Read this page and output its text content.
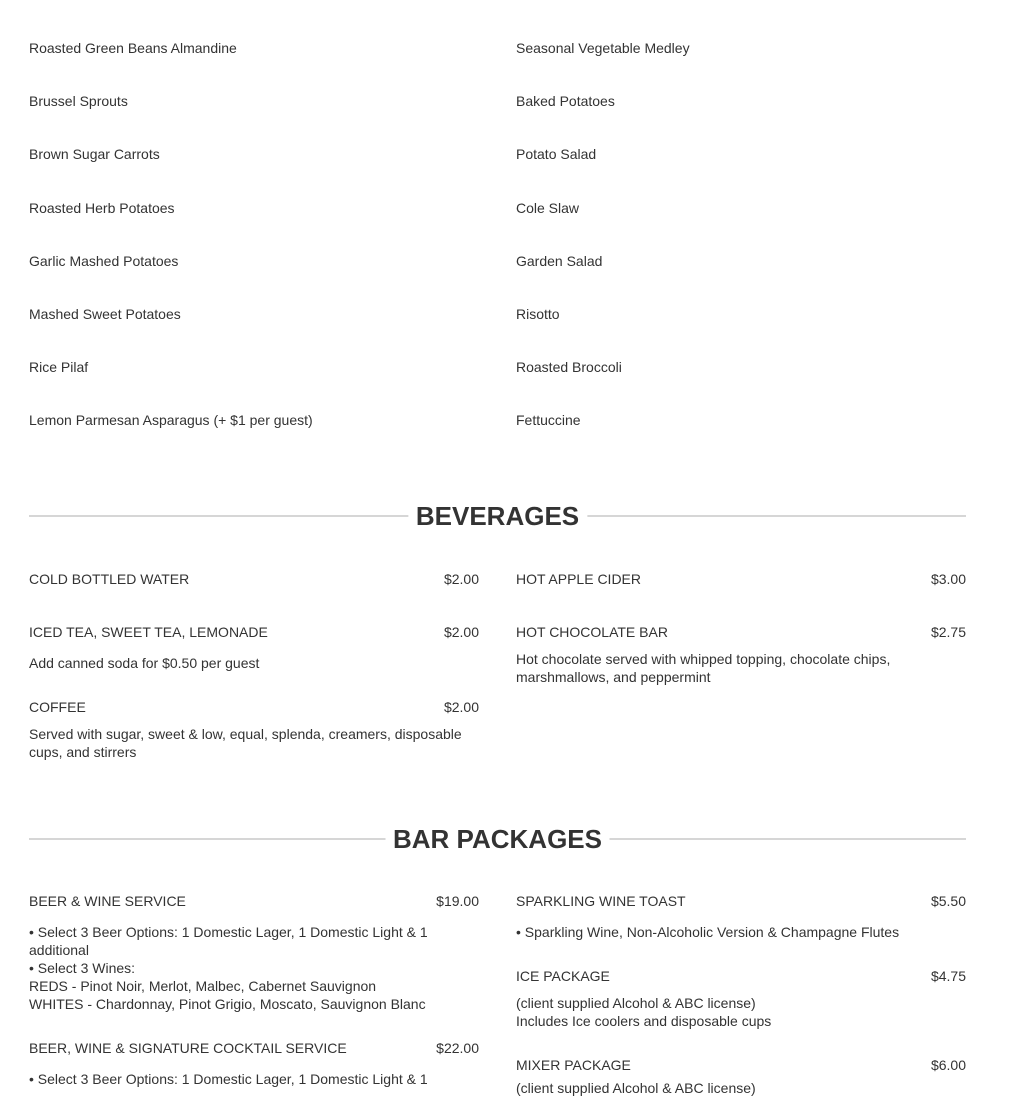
Roasted Green Beans Almandine
Brussel Sprouts
Brown Sugar Carrots
Roasted Herb Potatoes
Garlic Mashed Potatoes
Mashed Sweet Potatoes
Rice Pilaf
Lemon Parmesan Asparagus (+ $1 per guest)
Seasonal Vegetable Medley
Baked Potatoes
Potato Salad
Cole Slaw
Garden Salad
Risotto
Roasted Broccoli
Fettuccine
BEVERAGES
COLD BOTTLED WATER	$2.00
ICED TEA, SWEET TEA, LEMONADE	$2.00
Add canned soda for $0.50 per guest
COFFEE	$2.00
Served with sugar, sweet & low, equal, splenda, creamers, disposable cups, and stirrers
HOT APPLE CIDER	$3.00
HOT CHOCOLATE BAR	$2.75
Hot chocolate served with whipped topping, chocolate chips, marshmallows, and peppermint
BAR PACKAGES
BEER & WINE SERVICE	$19.00
• Select 3 Beer Options: 1 Domestic Lager, 1 Domestic Light & 1 additional
• Select 3 Wines:
REDS - Pinot Noir, Merlot, Malbec, Cabernet Sauvignon
WHITES - Chardonnay, Pinot Grigio, Moscato, Sauvignon Blanc
BEER, WINE & SIGNATURE COCKTAIL SERVICE	$22.00
• Select 3 Beer Options: 1 Domestic Lager, 1 Domestic Light & 1
SPARKLING WINE TOAST	$5.50
• Sparkling Wine, Non-Alcoholic Version & Champagne Flutes
ICE PACKAGE	$4.75
(client supplied Alcohol & ABC license)
Includes Ice coolers and disposable cups
MIXER PACKAGE	$6.00
(client supplied Alcohol & ABC license)
